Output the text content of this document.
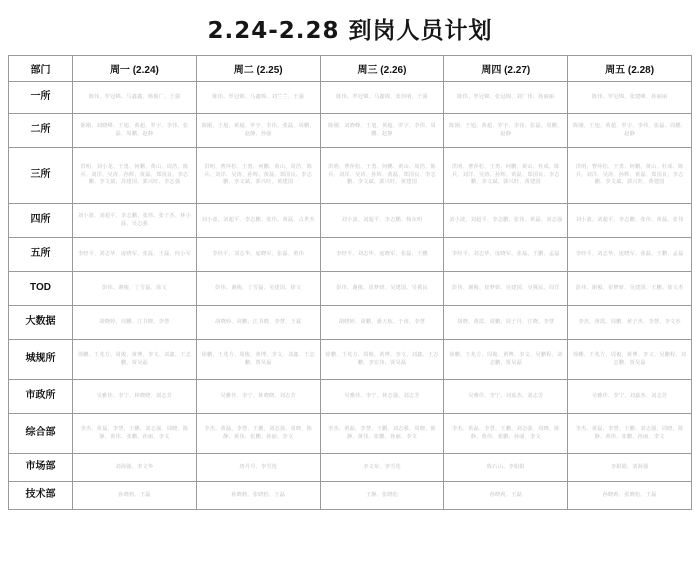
2.24-2.28 到岗人员计划
部门	周一 (2.24)	周二 (2.25)	周三 (2.26)	周四 (2.27)	周五 (2.28)
一所	陈伟、罗冠锦、马鑫鑫、杨俊广、王强	陈伟、罗冠锦、马鑫锦、刘兰兰、王强	陈伟、罗冠锦、马鑫锦、张伟明、王强	陈伟、罗冠锦、张冠锦、刘广伟、孙丽丽	陈伟、罗冠锦、张建峰、孙丽丽
二所	陈刚、刘晓峰、王旭、黄超、罗宇、李伟、张磊、周鹏、赵静	陈刚、王旭、黄超、罗宇、李伟、张磊、周鹏、赵静、孙强	陈刚、刘晓峰、王旭、黄超、罗宇、李伟、周鹏、赵静	陈刚、王旭、黄超、罗宇、李伟、张磊、周鹏、赵静	陈刚、王旭、黄超、罗宇、李伟、张磊、周鹏、赵静
三所	洪明、刘小龙、王勇、何鹏、黄山、周浩、陈兵、刘洋、吴涛、孙辉、黄磊、郑国良、李志鹏、李文斌、苏建国、郭兴旺、李志强	洪明、曹萍松、王勇、何鹏、黄山、周浩、陈兵、刘洋、吴涛、孙辉、黄磊、郑国良、李志鹏、李文斌、郭兴旺、黄建国	洪明、曹萍松、王勇、何鹏、黄山、周浩、陈兵、刘洋、吴涛、孙辉、黄磊、郑国良、李志鹏、李文斌、郭兴旺、黄建国	洪明、曹萍松、王勇、何鹏、黄山、杜成、陈兵、刘洋、吴涛、孙辉、黄磊、郑国良、李志鹏、李文斌、郭兴旺、黄建国	洪明、曹萍松、王勇、何鹏、黄山、杜成、陈兵、刘洋、吴涛、孙辉、黄磊、郑国良、李志鹏、李文斌、郭兴旺、黄建国
四所	刘小波、刘超平、李志鹏、张伟、张子杰、林小磊、吴志强	刘小波、刘超平、李志鹏、张伟、黄磊、占世杰	刘小波、刘超平、李志鹏、杨东明	刘小波、刘超平、李志鹏、张伟、黄磊、刘志强	刘小波、刘超平、李志鹏、张伟、黄磊、张伟
五所	李经平、刘志华、庞晓军、张磊、王磊、何小军	李经平、刘志华、庞晓军、张磊、黄伟	李经平、刘志华、庞晓军、张磊、王鹏	李经平、刘志华、庞晓军、张磊、王鹏、孟磊	李经平、刘志华、庞晓军、张磊、王鹏、孟磊
TOD	彭伟、谢俊、丁雪磊、徐文	彭伟、谢俊、丁雪磊、吴建国、徐文	彭伟、谢俊、崔梦妍、吴建国、吴冀民	彭伟、谢俊、崔梦妍、吴建国、吴冀民、周洋	彭伟、谢俊、崔梦妍、吴建国、王鹏、徐文杰
大数据	胡晓婷、周鹏、江书晓、李慧	胡晓婷、周鹏、江书晓、李慧、王霖	胡晓婷、周鹏、潘天航、于涛、李慧	胡晓、黄霞、周鹏、周子丹、江晓、李慧	李杰、黄霞、周鹏、黄子杰、李慧、李文杰
城规所	徐鹏、王兆方、周俊、黄博、李文、刘鑫、王志鹏、贾昊磊	徐鹏、王兆方、周俊、黄博、李文、刘鑫、王志鹏、贾昊磊	徐鹏、王兆方、周俊、黄博、李文、刘鑫、王志鹏、李宏伟、贾昊磊	徐鹏、王兆方、周俊、黄博、李文、吴鹏程、刘志鹏、贾昊磊	徐鹏、王兆方、周俊、黄博、李文、吴鹏程、刘志鹏、贾昊磊
市政所	吴雅佳、李宁、林晓晓、刘志芳	吴雅佳、李宁、林晓晓、刘志芳	吴雅佳、李宁、林志强、刘志芳	吴雅佳、李宁、刘嘉杰、刘志芳	吴雅佳、李宁、刘嘉杰、刘志芳
综合部	李杰、黄磊、李慧、王鹏、刘志强、周晓、陈静、黄伟、张鹏、孙丽、李文	李杰、黄磊、李慧、王鹏、刘志强、周晓、陈静、黄伟、张鹏、孙丽、李文	李杰、黄磊、李慧、王鹏、刘志强、周晓、陈静、黄伟、张鹏、孙丽、李文	李杰、黄磊、李慧、王鹏、刘志强、周晓、陈静、黄伟、张鹏、孙丽、李文	李杰、黄磊、李慧、王鹏、刘志强、周晓、陈静、黄伟、张鹏、孙丽、李文
市场部	刘海强、李文华	唐丹丹、李雪莲	李文布、李雪莲	陈石山、李娟娟	李娟娟、刘海强
技术部	孙晓莉、王磊	孙晓莉、张晓松、王磊	王静、张晓松	孙晓莉、王磊	孙晓莉、张晓松、王磊
